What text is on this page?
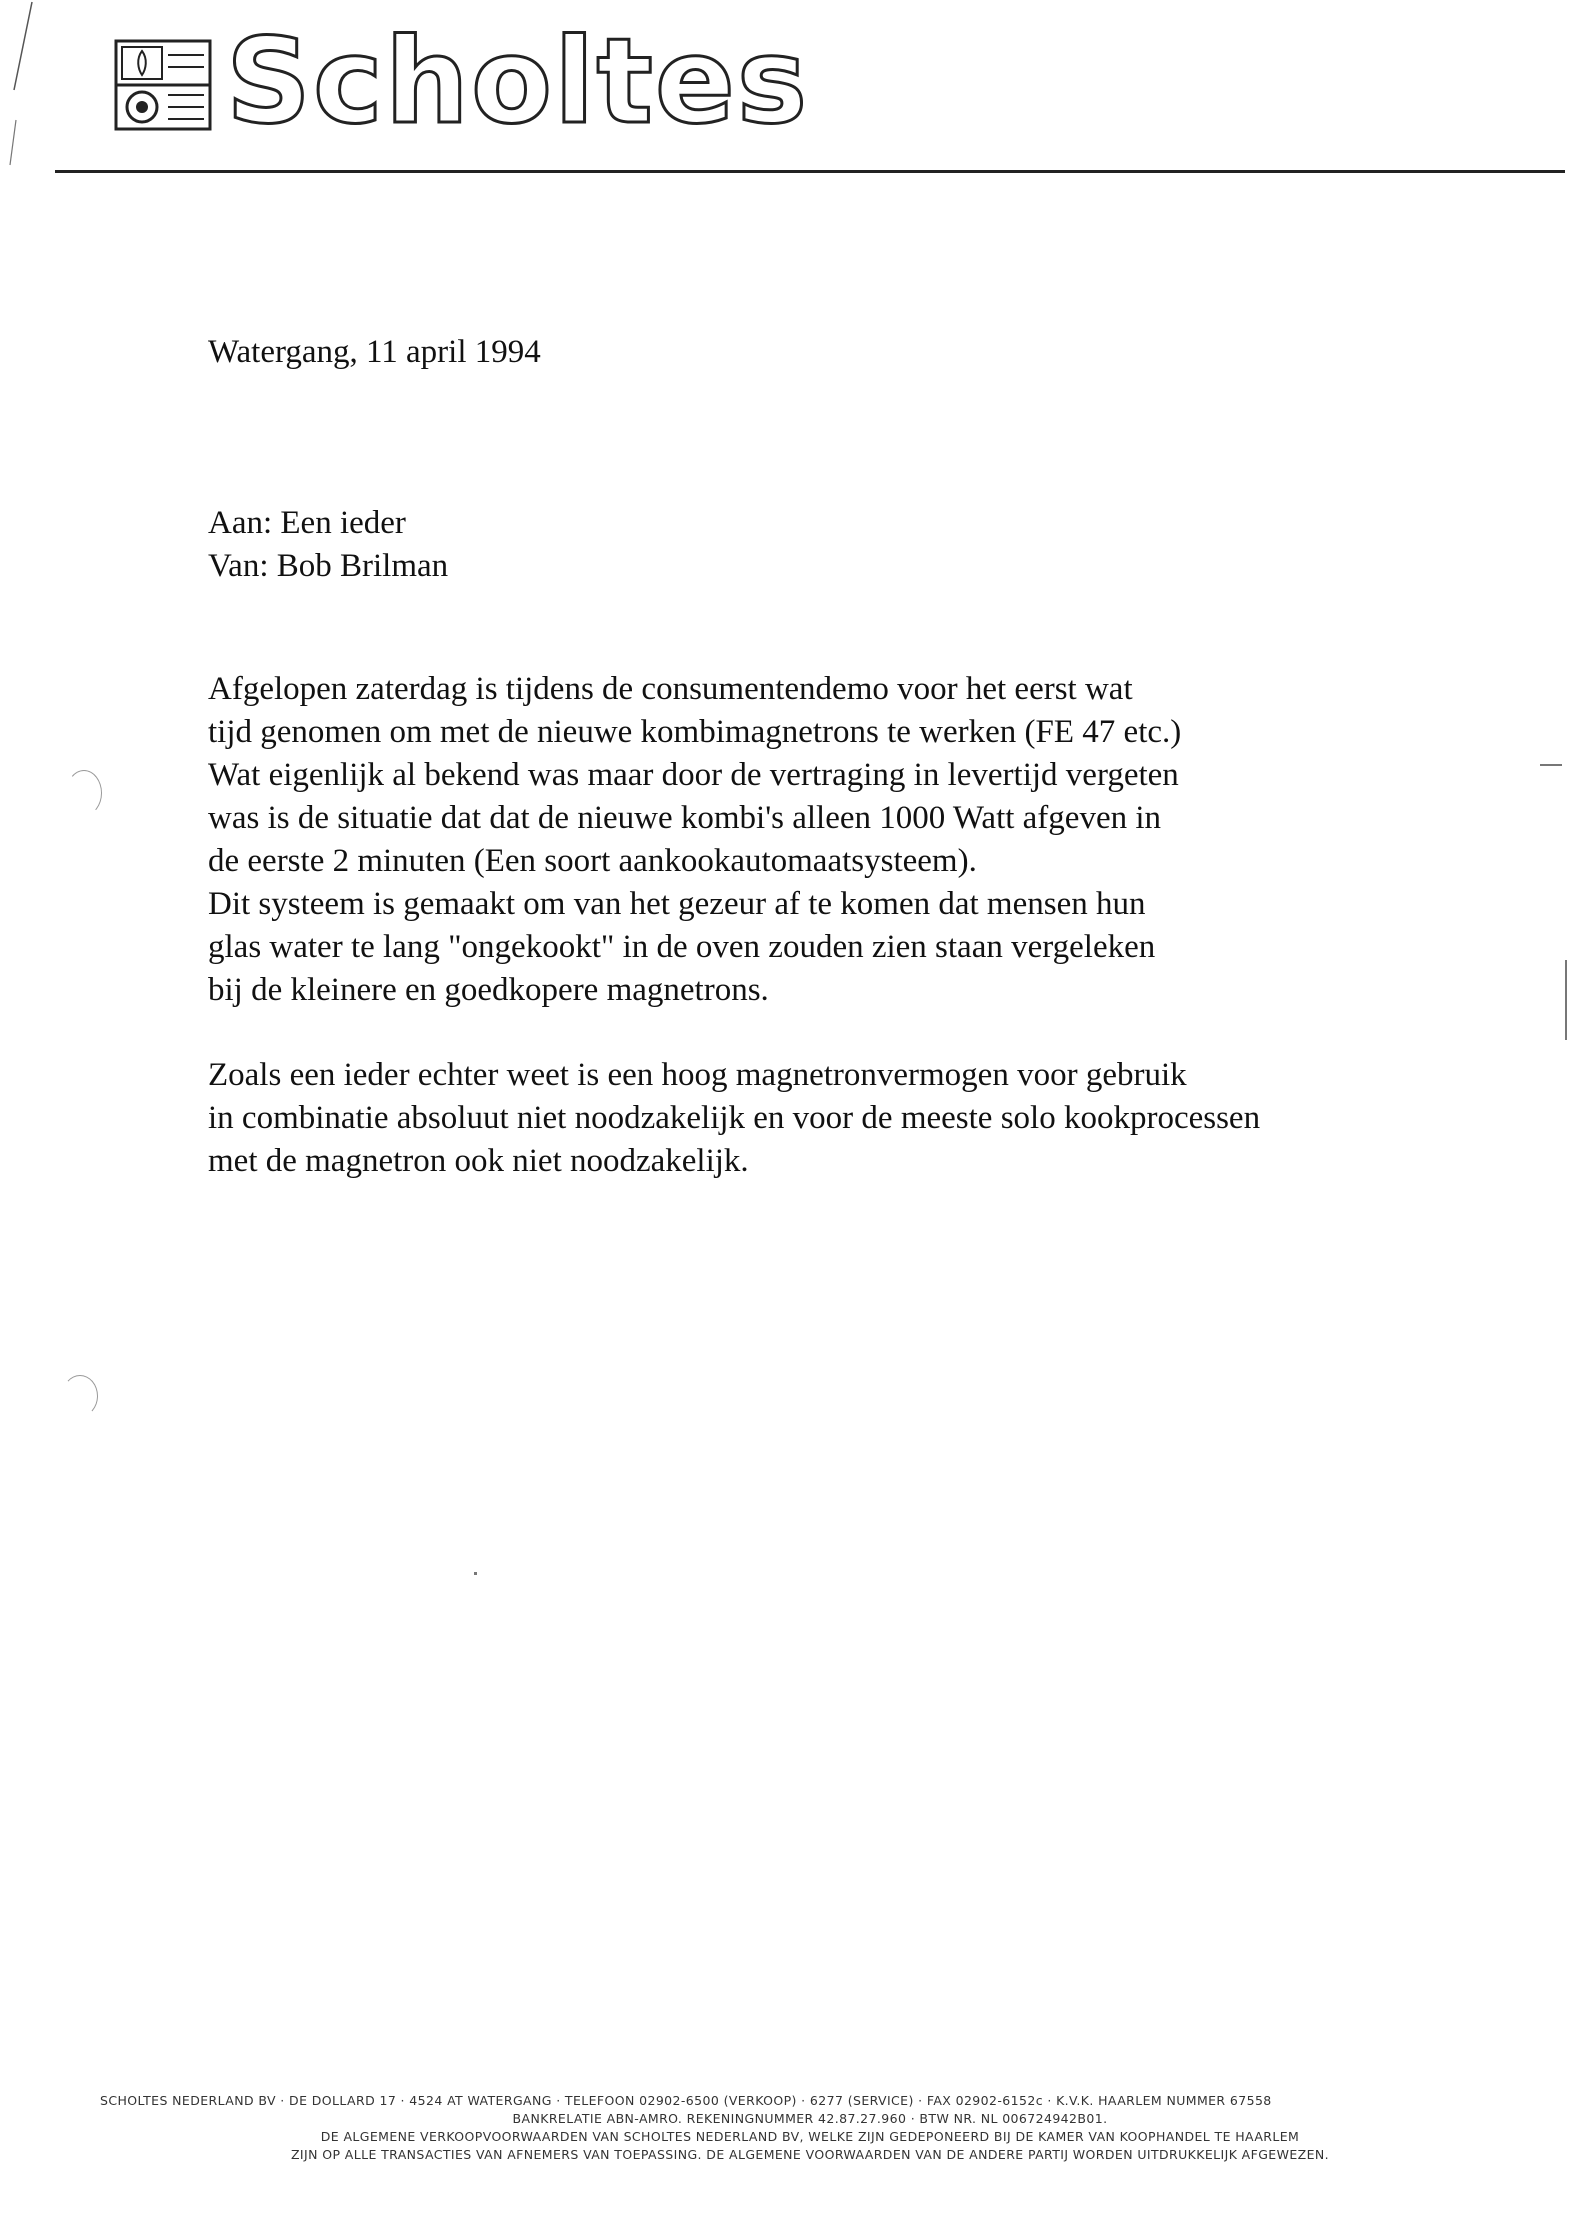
Scholtes
Watergang, 11 april 1994
Aan: Een ieder
Van: Bob Brilman
Afgelopen zaterdag is tijdens de consumentendemo voor het eerst wat
tijd genomen om met de nieuwe kombimagnetrons te werken (FE 47 etc.)
Wat eigenlijk al bekend was maar door de vertraging in levertijd vergeten
was is de situatie dat dat de nieuwe kombi's alleen 1000 Watt afgeven in
de eerste 2 minuten (Een soort aankookautomaatsysteem).
Dit systeem is gemaakt om van het gezeur af te komen dat mensen hun
glas water te lang "ongekookt" in de oven zouden zien staan vergeleken
bij de kleinere en goedkopere magnetrons.
Zoals een ieder echter weet is een hoog magnetronvermogen voor gebruik
in combinatie absoluut niet noodzakelijk en voor de meeste solo kookprocessen
met de magnetron ook niet noodzakelijk.
SCHOLTES NEDERLAND BV · DE DOLLARD 17 · 4524 AT WATERGANG · TELEFOON 02902-6500 (VERKOOP) · 6277 (SERVICE) · FAX 02902-6152c · K.V.K. HAARLEM NUMMER 67558
BANKRELATIE ABN-AMRO. REKENINGNUMMER 42.87.27.960 · BTW NR. NL 006724942B01.
DE ALGEMENE VERKOOPVOORWAARDEN VAN SCHOLTES NEDERLAND BV, WELKE ZIJN GEDEPONEERD BIJ DE KAMER VAN KOOPHANDEL TE HAARLEM
ZIJN OP ALLE TRANSACTIES VAN AFNEMERS VAN TOEPASSING. DE ALGEMENE VOORWAARDEN VAN DE ANDERE PARTIJ WORDEN UITDRUKKELIJK AFGEWEZEN.
